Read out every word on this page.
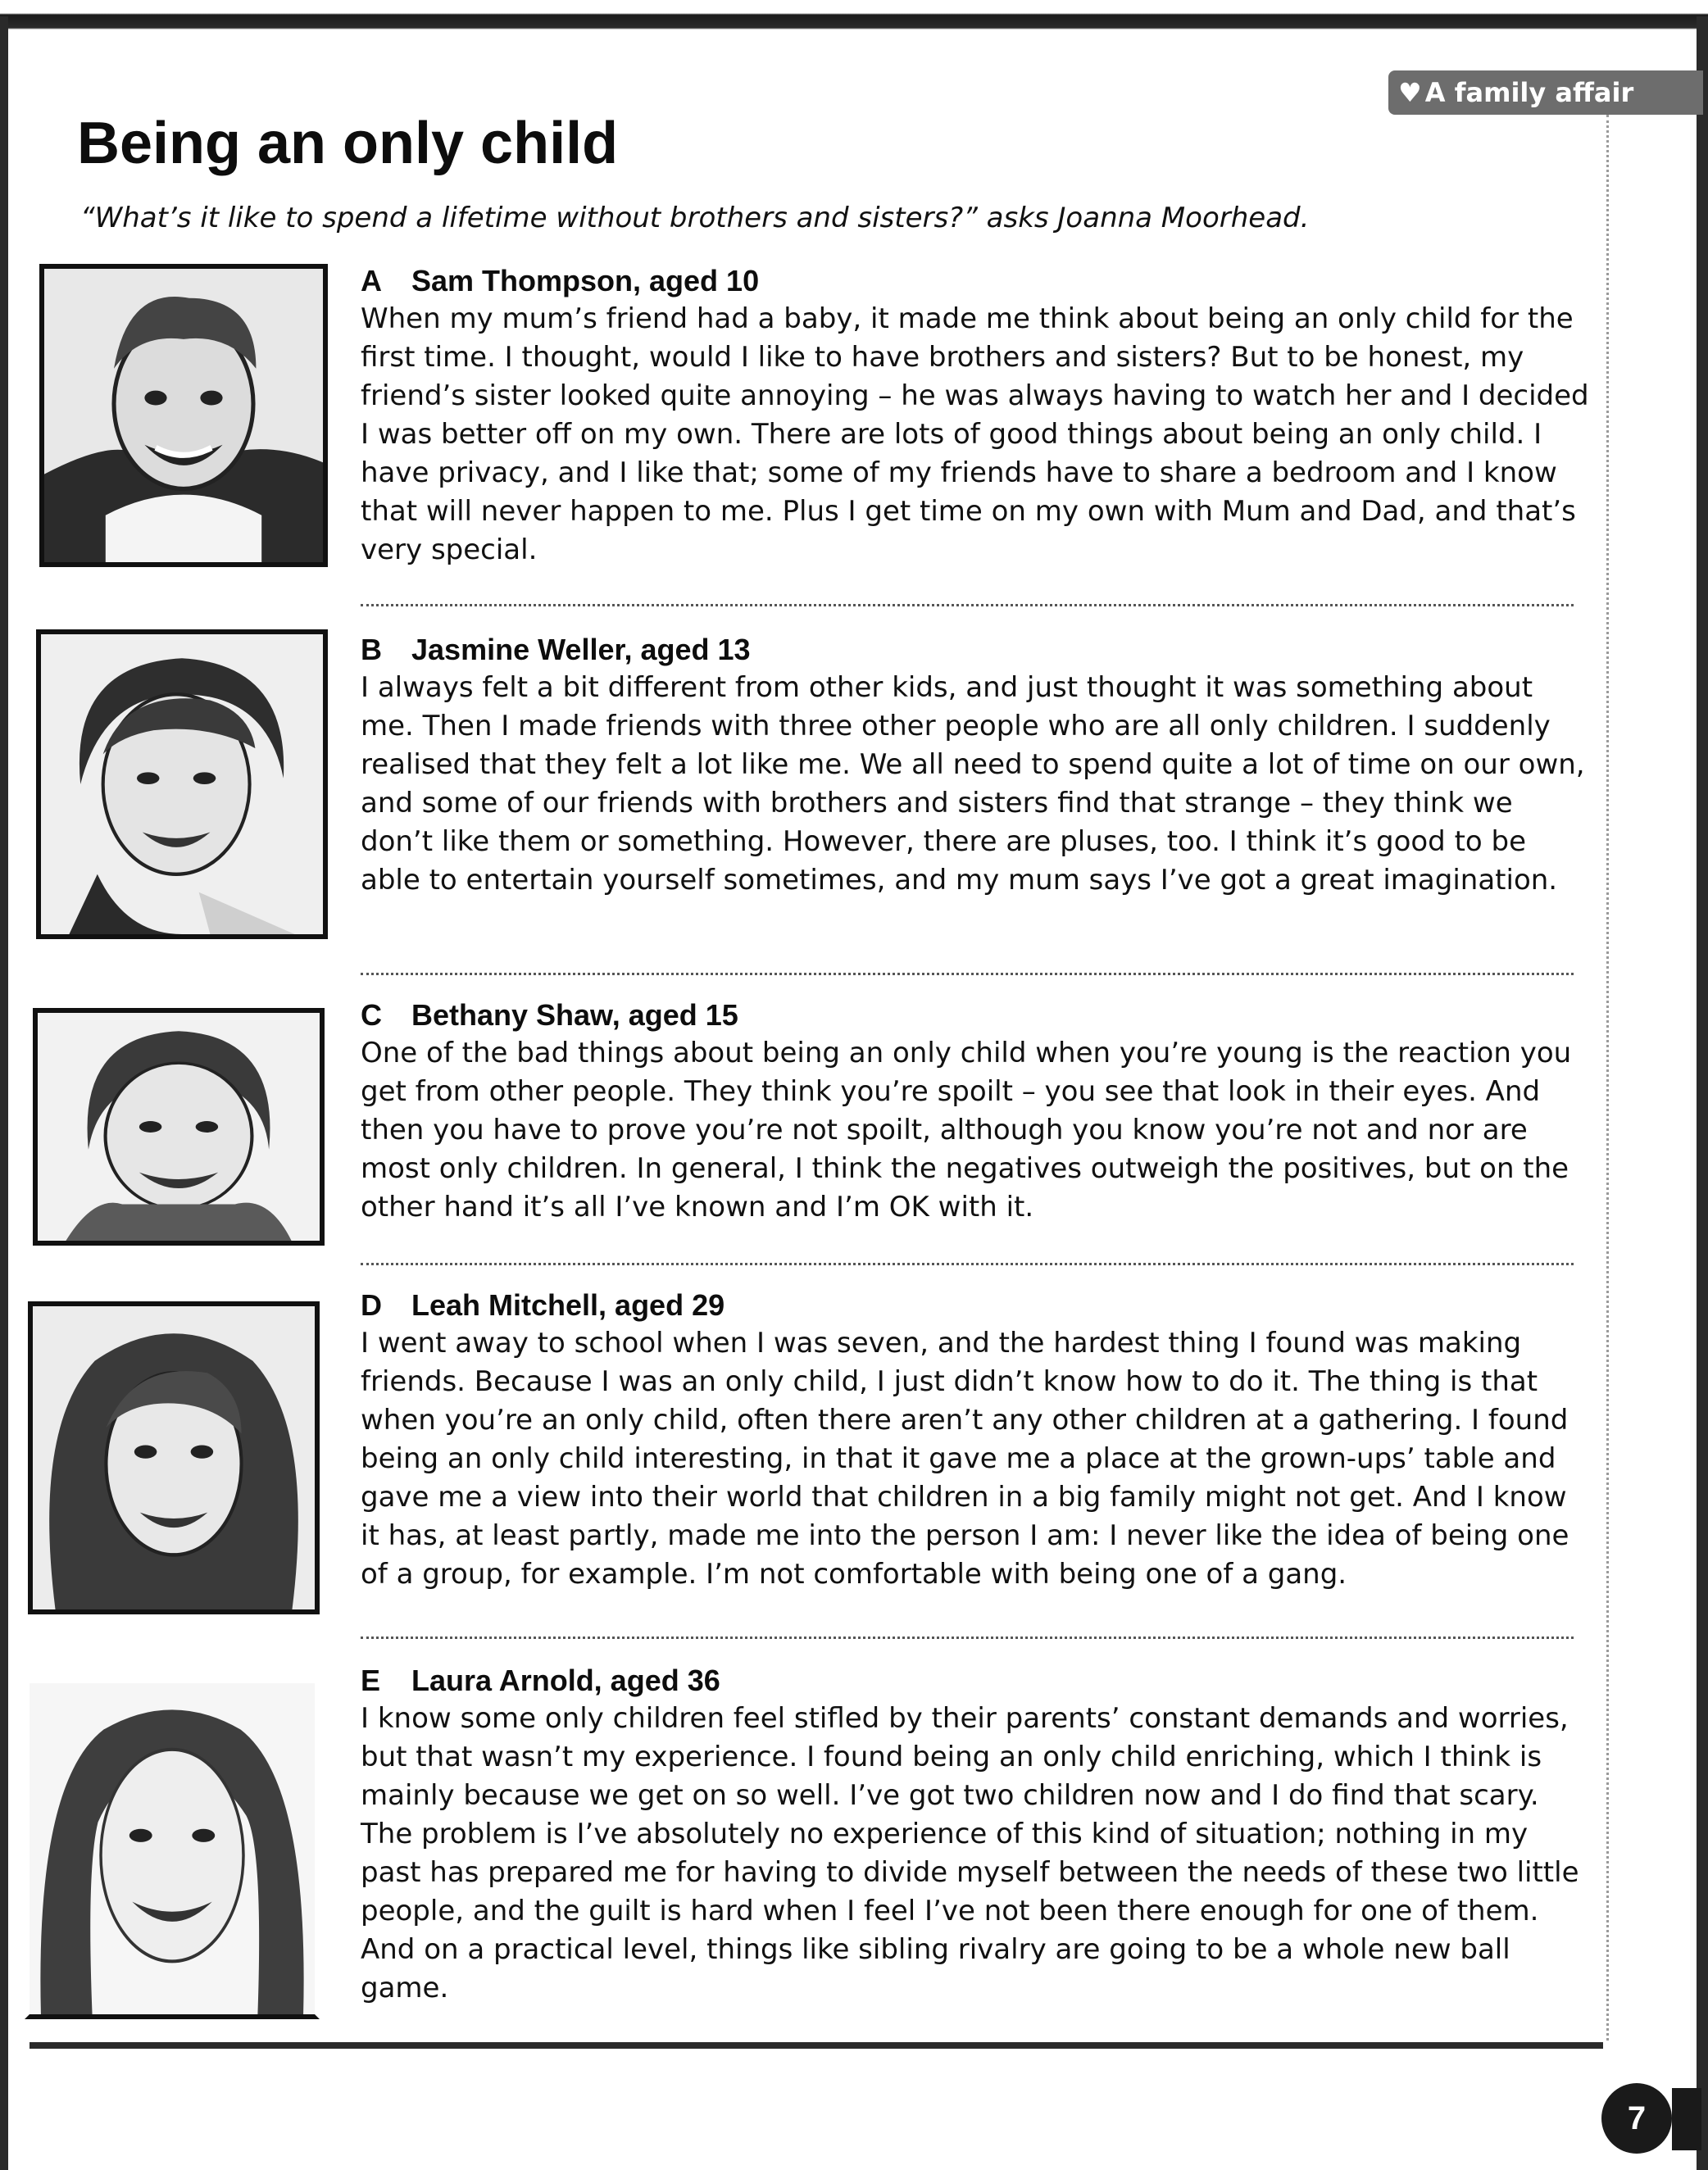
♥ A family affair
Being an only child

“What’s it like to spend a lifetime without brothers and sisters?” asks Joanna Moorhead.

A Sam Thompson, aged 10

When my mum’s friend had a baby, it made me think about being an only child for the first time. I thought, would I like to have brothers and sisters? But to be honest, my friend’s sister looked quite annoying – he was always having to watch her and I decided I was better off on my own. There are lots of good things about being an only child. I have privacy, and I like that; some of my friends have to share a bedroom and I know that will never happen to me. Plus I get time on my own with Mum and Dad, and that’s very special.

B Jasmine Weller, aged 13

I always felt a bit different from other kids, and just thought it was something about me. Then I made friends with three other people who are all only children. I suddenly realised that they felt a lot like me. We all need to spend quite a lot of time on our own, and some of our friends with brothers and sisters find that strange – they think we don’t like them or something. However, there are pluses, too. I think it’s good to be able to entertain yourself sometimes, and my mum says I’ve got a great imagination.

C Bethany Shaw, aged 15

One of the bad things about being an only child when you’re young is the reaction you get from other people. They think you’re spoilt – you see that look in their eyes. And then you have to prove you’re not spoilt, although you know you’re not and nor are most only children. In general, I think the negatives outweigh the positives, but on the other hand it’s all I’ve known and I’m OK with it.

D Leah Mitchell, aged 29

I went away to school when I was seven, and the hardest thing I found was making friends. Because I was an only child, I just didn’t know how to do it. The thing is that when you’re an only child, often there aren’t any other children at a gathering. I found being an only child interesting, in that it gave me a place at the grown-ups’ table and gave me a view into their world that children in a big family might not get. And I know it has, at least partly, made me into the person I am: I never like the idea of being one of a group, for example. I’m not comfortable with being one of a gang.

E Laura Arnold, aged 36

I know some only children feel stifled by their parents’ constant demands and worries, but that wasn’t my experience. I found being an only child enriching, which I think is mainly because we get on so well. I’ve got two children now and I do find that scary. The problem is I’ve absolutely no experience of this kind of situation; nothing in my past has prepared me for having to divide myself between the needs of these two little people, and the guilt is hard when I feel I’ve not been there enough for one of them. And on a practical level, things like sibling rivalry are going to be a whole new ball game.

7
